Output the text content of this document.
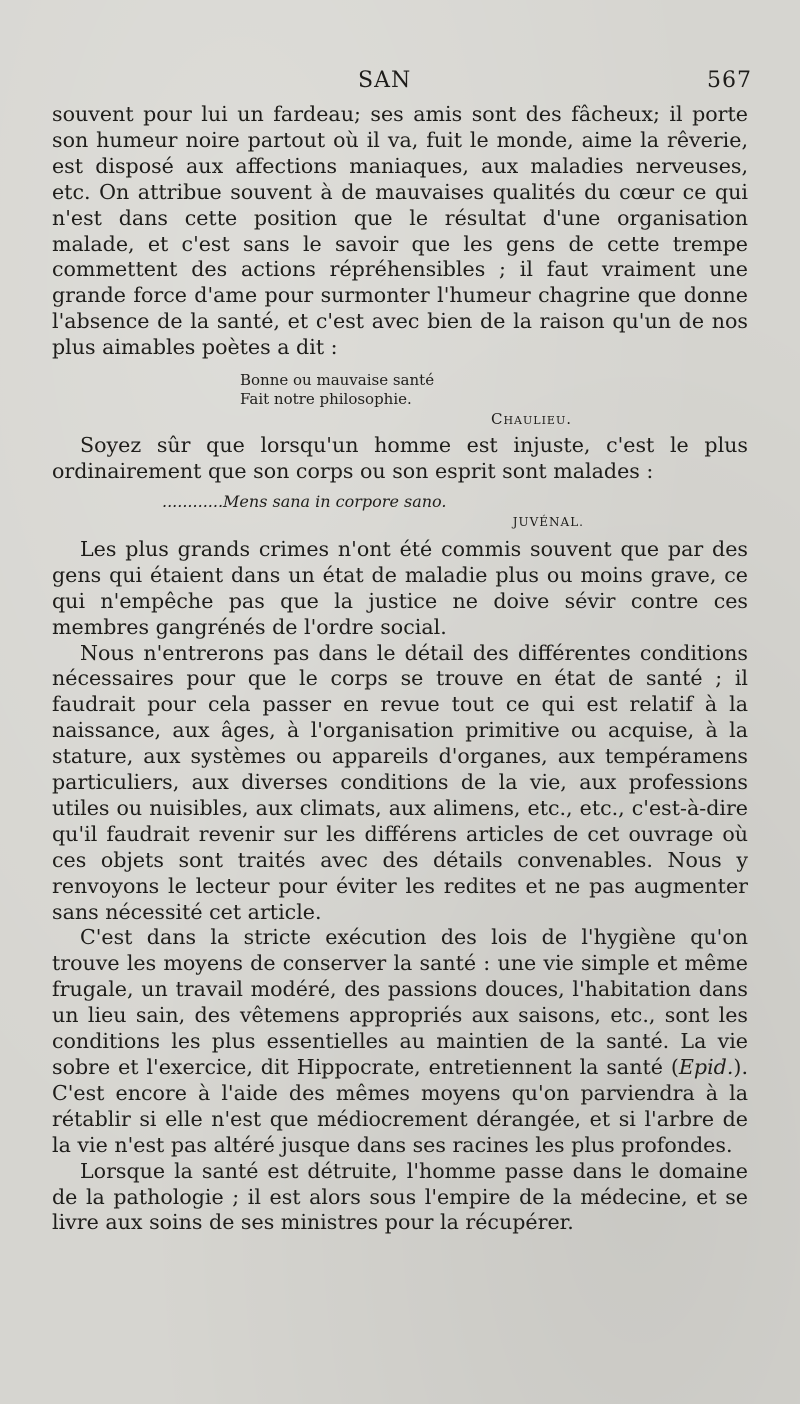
SAN	567

souvent pour lui un fardeau; ses amis sont des fâcheux; il porte son humeur noire partout où il va, fuit le monde, aime la rêverie, est disposé aux affections maniaques, aux maladies nerveuses, etc. On attribue souvent à de mauvaises qualités du cœur ce qui n'est dans cette position que le résultat d'une organisation malade, et c'est sans le savoir que les gens de cette trempe commettent des actions répréhensibles ; il faut vraiment une grande force d'ame pour surmonter l'humeur chagrine que donne l'absence de la santé, et c'est avec bien de la raison qu'un de nos plus aimables poètes a dit :

Bonne ou mauvaise santé
Fait notre philosophie.
Chaulieu.

Soyez sûr que lorsqu'un homme est injuste, c'est le plus ordinairement que son corps ou son esprit sont malades :

............Mens sana in corpore sano.
JUVÉNAL.

Les plus grands crimes n'ont été commis souvent que par des gens qui étaient dans un état de maladie plus ou moins grave, ce qui n'empêche pas que la justice ne doive sévir contre ces membres gangrénés de l'ordre social.

Nous n'entrerons pas dans le détail des différentes conditions nécessaires pour que le corps se trouve en état de santé ; il faudrait pour cela passer en revue tout ce qui est relatif à la naissance, aux âges, à l'organisation primitive ou acquise, à la stature, aux systèmes ou appareils d'organes, aux tempéramens particuliers, aux diverses conditions de la vie, aux professions utiles ou nuisibles, aux climats, aux alimens, etc., etc., c'est-à-dire qu'il faudrait revenir sur les différens articles de cet ouvrage où ces objets sont traités avec des détails convenables. Nous y renvoyons le lecteur pour éviter les redites et ne pas augmenter sans nécessité cet article.

C'est dans la stricte exécution des lois de l'hygiène qu'on trouve les moyens de conserver la santé : une vie simple et même frugale, un travail modéré, des passions douces, l'habitation dans un lieu sain, des vêtemens appropriés aux saisons, etc., sont les conditions les plus essentielles au maintien de la santé. La vie sobre et l'exercice, dit Hippocrate, entretiennent la santé (Epid.). C'est encore à l'aide des mêmes moyens qu'on parviendra à la rétablir si elle n'est que médiocrement dérangée, et si l'arbre de la vie n'est pas altéré jusque dans ses racines les plus profondes.

Lorsque la santé est détruite, l'homme passe dans le domaine de la pathologie ; il est alors sous l'empire de la médecine, et se livre aux soins de ses ministres pour la récupérer.
